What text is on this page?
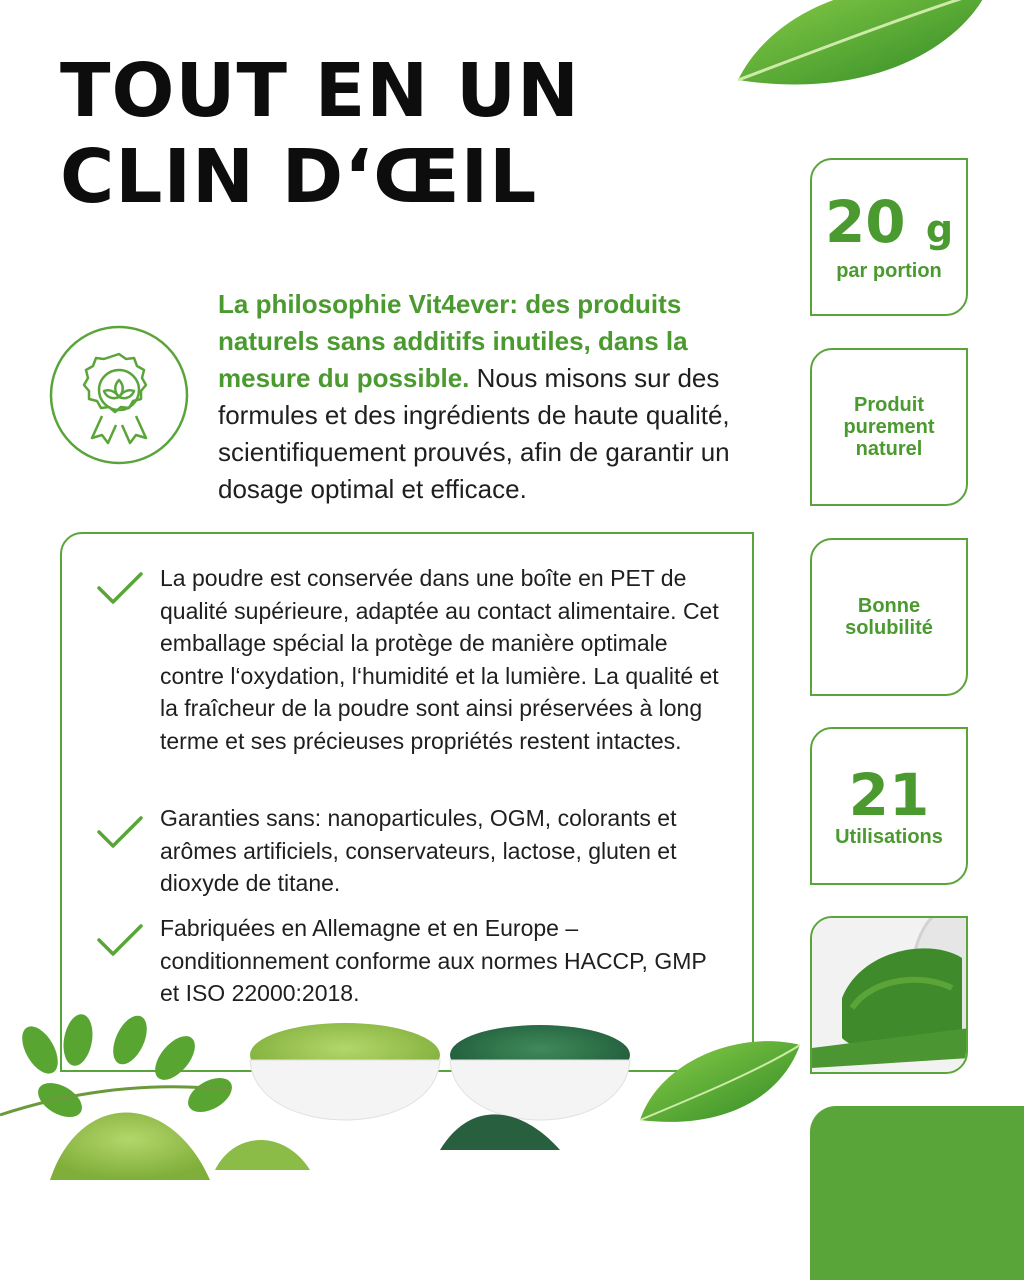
TOUT EN UN
CLIN D‘ŒIL

La philosophie Vit4ever: des produits naturels sans additifs inutiles, dans la mesure du possible. Nous misons sur des formules et des ingrédients de haute qualité, scientifiquement prouvés, afin de garantir un dosage optimal et efficace.

La poudre est conservée dans une boîte en PET de qualité supérieure, adaptée au contact alimentaire. Cet emballage spécial la protège de manière optimale contre l‘oxydation, l‘humidité et la lumière. La qualité et la fraîcheur de la poudre sont ainsi préservées à long terme et ses précieuses propriétés restent intactes.

Garanties sans: nanoparticules, OGM, colorants et arômes artificiels, conservateurs, lactose, gluten et dioxyde de titane.

Fabriquées en Allemagne et en Europe – conditionnement conforme aux normes HACCP, GMP et ISO 22000:2018.

20 g
par portion
Produit purement naturel
Bonne solubilité
21
Utilisations
